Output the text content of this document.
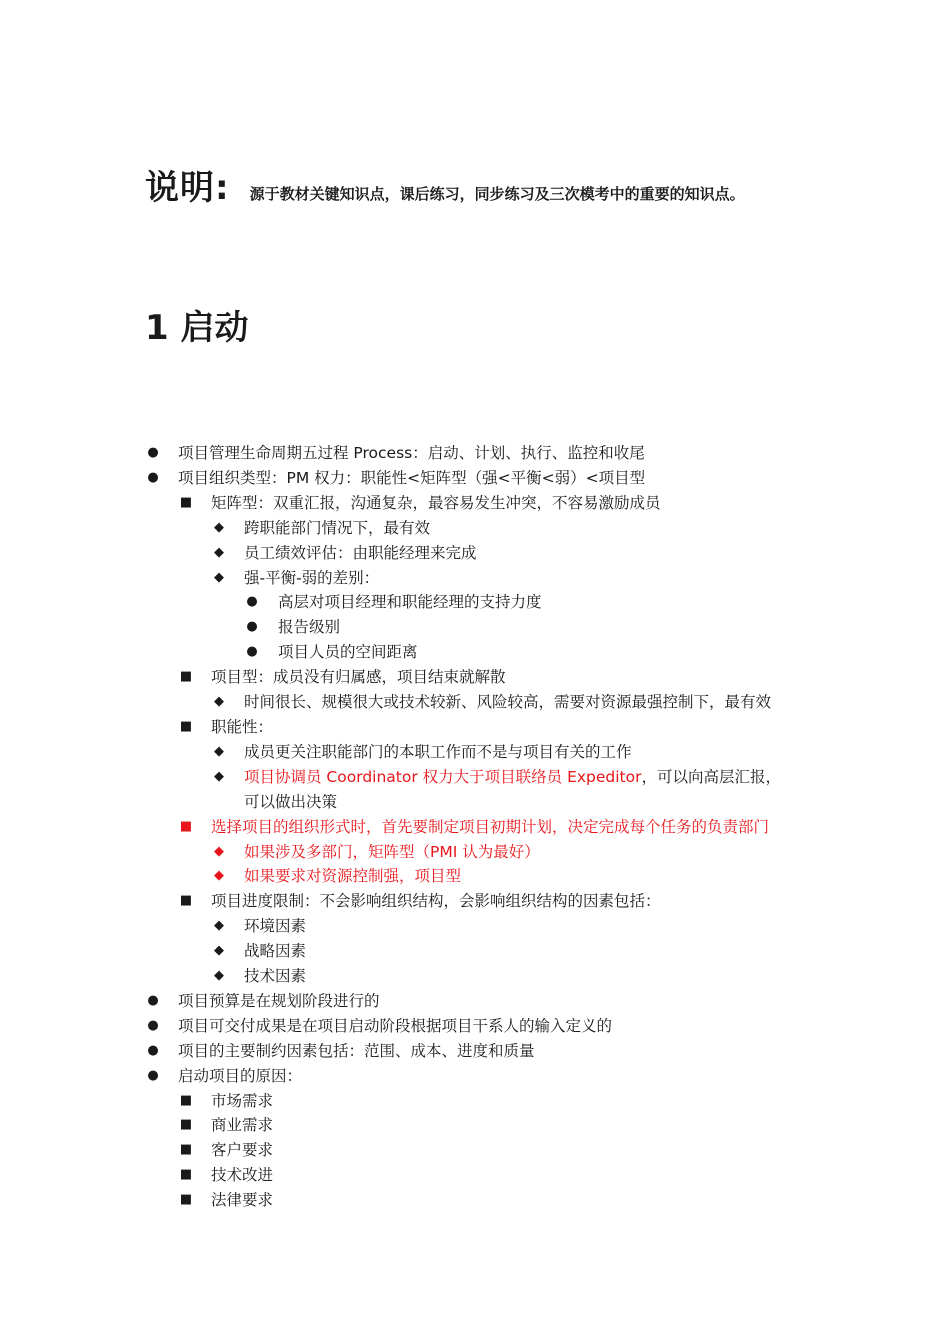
说明: 源于教材关键知识点，课后练习，同步练习及三次模考中的重要的知识点。
1 启动
● 项目管理生命周期五过程 Process：启动、计划、执行、监控和收尾
● 项目组织类型：PM 权力：职能性<矩阵型（强<平衡<弱）<项目型
■ 矩阵型：双重汇报，沟通复杂，最容易发生冲突，不容易激励成员
◆ 跨职能部门情况下，最有效
◆ 员工绩效评估：由职能经理来完成
◆ 强-平衡-弱的差别：
● 高层对项目经理和职能经理的支持力度
● 报告级别
● 项目人员的空间距离
■ 项目型：成员没有归属感，项目结束就解散
◆ 时间很长、规模很大或技术较新、风险较高，需要对资源最强控制下，最有效
■ 职能性：
◆ 成员更关注职能部门的本职工作而不是与项目有关的工作
◆ 项目协调员 Coordinator 权力大于项目联络员 Expeditor，可以向高层汇报，
可以做出决策
■ 选择项目的组织形式时，首先要制定项目初期计划，决定完成每个任务的负责部门
◆ 如果涉及多部门，矩阵型（PMI 认为最好）
◆ 如果要求对资源控制强，项目型
■ 项目进度限制：不会影响组织结构，会影响组织结构的因素包括：
◆ 环境因素
◆ 战略因素
◆ 技术因素
● 项目预算是在规划阶段进行的
● 项目可交付成果是在项目启动阶段根据项目干系人的输入定义的
● 项目的主要制约因素包括：范围、成本、进度和质量
● 启动项目的原因：
■ 市场需求
■ 商业需求
■ 客户要求
■ 技术改进
■ 法律要求
